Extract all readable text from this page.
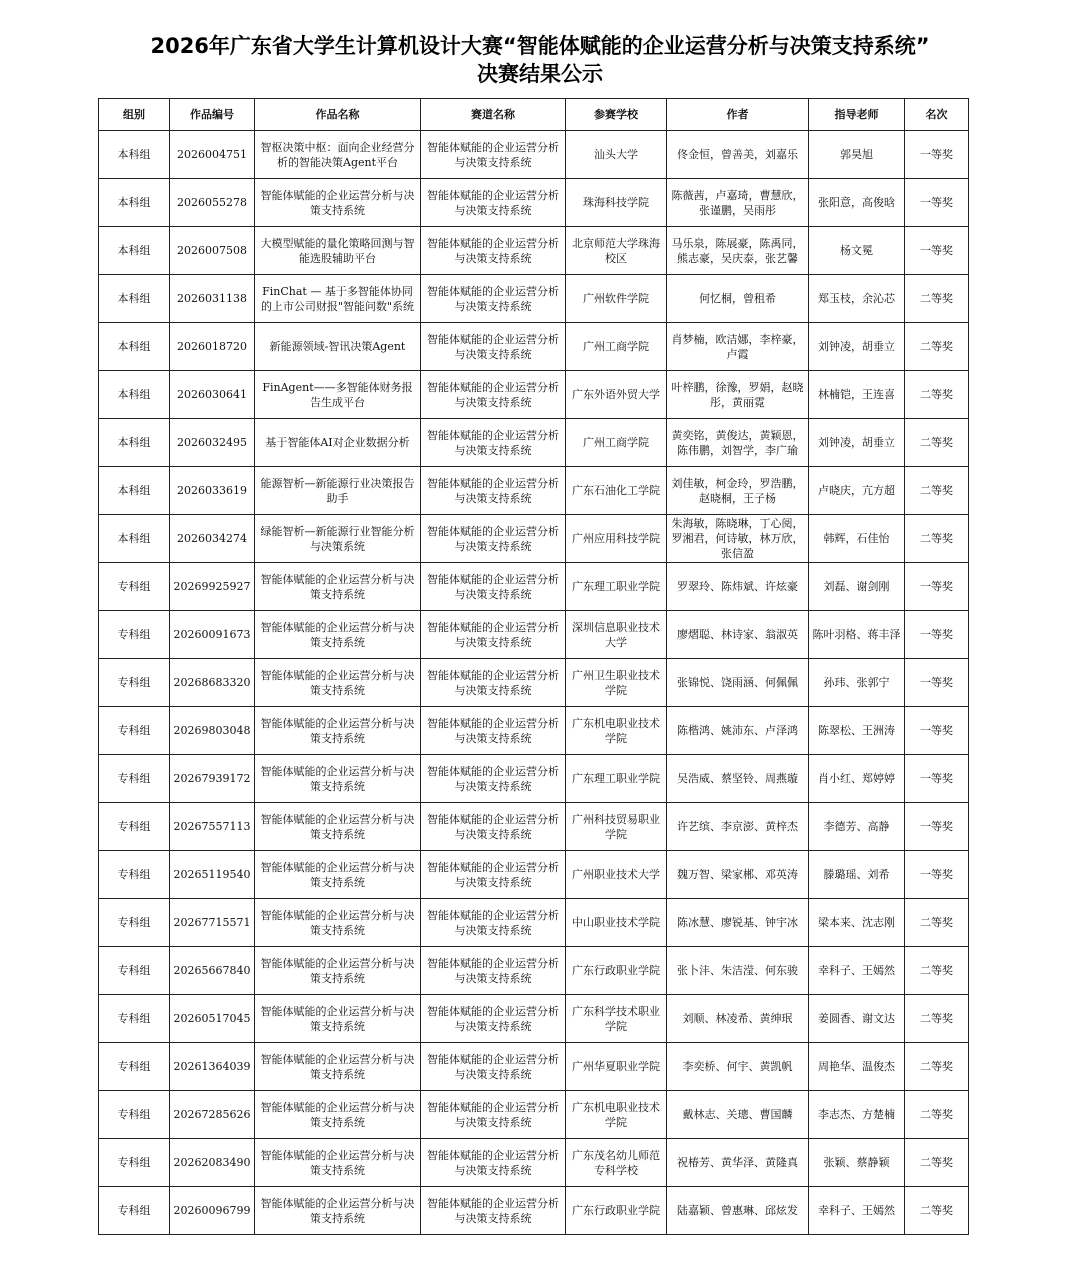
2026年广东省大学生计算机设计大赛“智能体赋能的企业运营分析与决策支持系统”
决赛结果公示
组别	作品编号	作品名称	赛道名称	参赛学校	作者	指导老师	名次
本科组	2026004751	智枢决策中枢：面向企业经营分析的智能决策Agent平台	智能体赋能的企业运营分析与决策支持系统	汕头大学	佟金恒，曾善美，刘嘉乐	郭昊旭	一等奖
本科组	2026055278	智能体赋能的企业运营分析与决策支持系统	智能体赋能的企业运营分析与决策支持系统	珠海科技学院	陈薇茜，卢嘉琦，曹慧欣，张谨鹏，吴雨彤	张阳意，高俊晗	一等奖
本科组	2026007508	大模型赋能的量化策略回测与智能选股辅助平台	智能体赋能的企业运营分析与决策支持系统	北京师范大学珠海校区	马乐泉，陈展豪，陈禹同，熊志豪，吴庆泰，张艺馨	杨文冕	一等奖
本科组	2026031138	FinChat — 基于多智能体协同的上市公司财报"智能问数"系统	智能体赋能的企业运营分析与决策支持系统	广州软件学院	何忆桐，曾租希	郑玉枝，余沁芯	二等奖
本科组	2026018720	新能源领域-智讯决策Agent	智能体赋能的企业运营分析与决策支持系统	广州工商学院	肖梦楠，欧洁娜，李梓豪，卢霞	刘钟凌，胡垂立	二等奖
本科组	2026030641	FinAgent——多智能体财务报告生成平台	智能体赋能的企业运营分析与决策支持系统	广东外语外贸大学	叶梓鹏，徐豫，罗娟，赵晓彤，黄丽霓	林楠铠，王连喜	二等奖
本科组	2026032495	基于智能体AI对企业数据分析	智能体赋能的企业运营分析与决策支持系统	广州工商学院	黄奕铭，黄俊达，黄颖恩，陈伟鹏，刘智学，李广瑜	刘钟凌，胡垂立	二等奖
本科组	2026033619	能源智析—新能源行业决策报告助手	智能体赋能的企业运营分析与决策支持系统	广东石油化工学院	刘佳敏，柯金玲，罗浩鹏，赵晓桐，王子杨	卢晓庆，亢方超	二等奖
本科组	2026034274	绿能智析—新能源行业智能分析与决策系统	智能体赋能的企业运营分析与决策支持系统	广州应用科技学院	朱海敏，陈晓琳，丁心阅，罗湘君，何诗敏，林万欣，张信盈	韩辉，石佳怡	二等奖
专科组	20269925927	智能体赋能的企业运营分析与决策支持系统	智能体赋能的企业运营分析与决策支持系统	广东理工职业学院	罗翠玲、陈炜斌、许炫豪	刘磊、谢剑刚	一等奖
专科组	20260091673	智能体赋能的企业运营分析与决策支持系统	智能体赋能的企业运营分析与决策支持系统	深圳信息职业技术大学	廖熠聪、林诗家、翁淑英	陈叶羽格、蒋丰泽	一等奖
专科组	20268683320	智能体赋能的企业运营分析与决策支持系统	智能体赋能的企业运营分析与决策支持系统	广州卫生职业技术学院	张锦悦、饶雨涵、何佩佩	孙玮、张郭宁	一等奖
专科组	20269803048	智能体赋能的企业运营分析与决策支持系统	智能体赋能的企业运营分析与决策支持系统	广东机电职业技术学院	陈楷鸿、姚沛东、卢泽鸿	陈翠松、王洲涛	一等奖
专科组	20267939172	智能体赋能的企业运营分析与决策支持系统	智能体赋能的企业运营分析与决策支持系统	广东理工职业学院	吴浩威、蔡坚铃、周燕璇	肖小红、郑婷婷	一等奖
专科组	20267557113	智能体赋能的企业运营分析与决策支持系统	智能体赋能的企业运营分析与决策支持系统	广州科技贸易职业学院	许艺缤、李京澎、黄梓杰	李德芳、高静	一等奖
专科组	20265119540	智能体赋能的企业运营分析与决策支持系统	智能体赋能的企业运营分析与决策支持系统	广州职业技术大学	魏万智、梁家郴、邓英涛	滕璐瑶、刘希	一等奖
专科组	20267715571	智能体赋能的企业运营分析与决策支持系统	智能体赋能的企业运营分析与决策支持系统	中山职业技术学院	陈冰慧、廖锐基、钟宇冰	梁本来、沈志刚	二等奖
专科组	20265667840	智能体赋能的企业运营分析与决策支持系统	智能体赋能的企业运营分析与决策支持系统	广东行政职业学院	张卜沣、朱洁滢、何东骏	幸科子、王嫣然	二等奖
专科组	20260517045	智能体赋能的企业运营分析与决策支持系统	智能体赋能的企业运营分析与决策支持系统	广东科学技术职业学院	刘顺、林凌希、黄绅珉	姜圆香、谢文达	二等奖
专科组	20261364039	智能体赋能的企业运营分析与决策支持系统	智能体赋能的企业运营分析与决策支持系统	广州华夏职业学院	李奕桥、何宇、黄凯帆	周艳华、温俊杰	二等奖
专科组	20267285626	智能体赋能的企业运营分析与决策支持系统	智能体赋能的企业运营分析与决策支持系统	广东机电职业技术学院	戴林志、关璁、曹国麟	李志杰、方楚楠	二等奖
专科组	20262083490	智能体赋能的企业运营分析与决策支持系统	智能体赋能的企业运营分析与决策支持系统	广东茂名幼儿师范专科学校	祝椿芳、黄华泽、黄隆真	张颖、蔡静颖	二等奖
专科组	20260096799	智能体赋能的企业运营分析与决策支持系统	智能体赋能的企业运营分析与决策支持系统	广东行政职业学院	陆嘉颖、曾惠琳、邱炫发	幸科子、王嫣然	二等奖
